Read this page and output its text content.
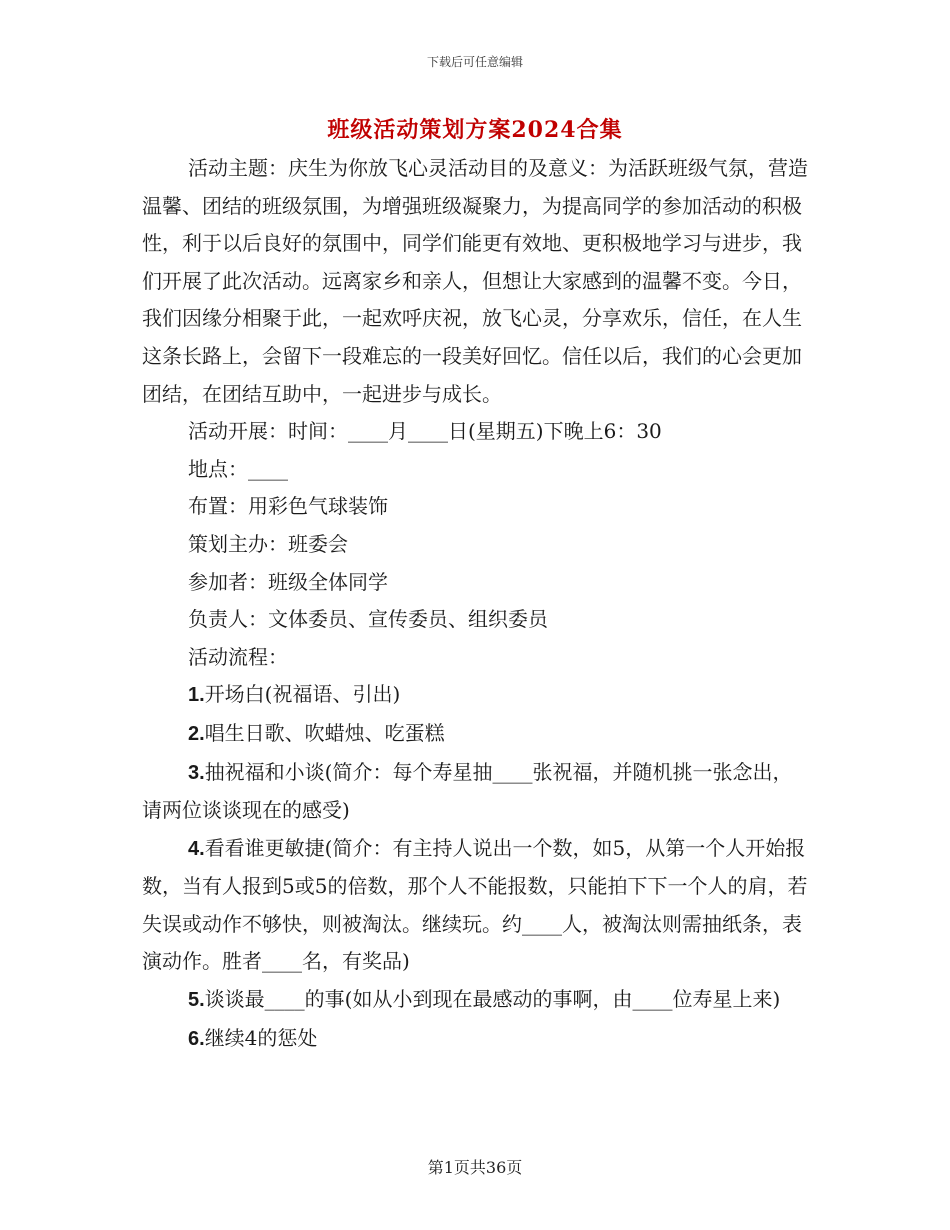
下载后可任意编辑
班级活动策划方案2024合集

活动主题：庆生为你放飞心灵活动目的及意义：为活跃班级气氛，营造温馨、团结的班级氛围，为增强班级凝聚力，为提高同学的参加活动的积极性，利于以后良好的氛围中，同学们能更有效地、更积极地学习与进步，我们开展了此次活动。远离家乡和亲人，但想让大家感到的温馨不变。今日，我们因缘分相聚于此，一起欢呼庆祝，放飞心灵，分享欢乐，信任，在人生这条长路上，会留下一段难忘的一段美好回忆。信任以后，我们的心会更加团结，在团结互助中，一起进步与成长。

活动开展：时间：____月____日(星期五)下晚上6：30

地点：____

布置：用彩色气球装饰

策划主办：班委会

参加者：班级全体同学

负责人：文体委员、宣传委员、组织委员

活动流程：

1.开场白(祝福语、引出)

2.唱生日歌、吹蜡烛、吃蛋糕

3.抽祝福和小谈(简介：每个寿星抽____张祝福，并随机挑一张念出，请两位谈谈现在的感受)

4.看看谁更敏捷(简介：有主持人说出一个数，如5，从第一个人开始报数，当有人报到5或5的倍数，那个人不能报数，只能拍下下一个人的肩，若失误或动作不够快，则被淘汰。继续玩。约____人，被淘汰则需抽纸条，表演动作。胜者____名，有奖品)

5.谈谈最____的事(如从小到现在最感动的事啊，由____位寿星上来)

6.继续4的惩处

第1页共36页
